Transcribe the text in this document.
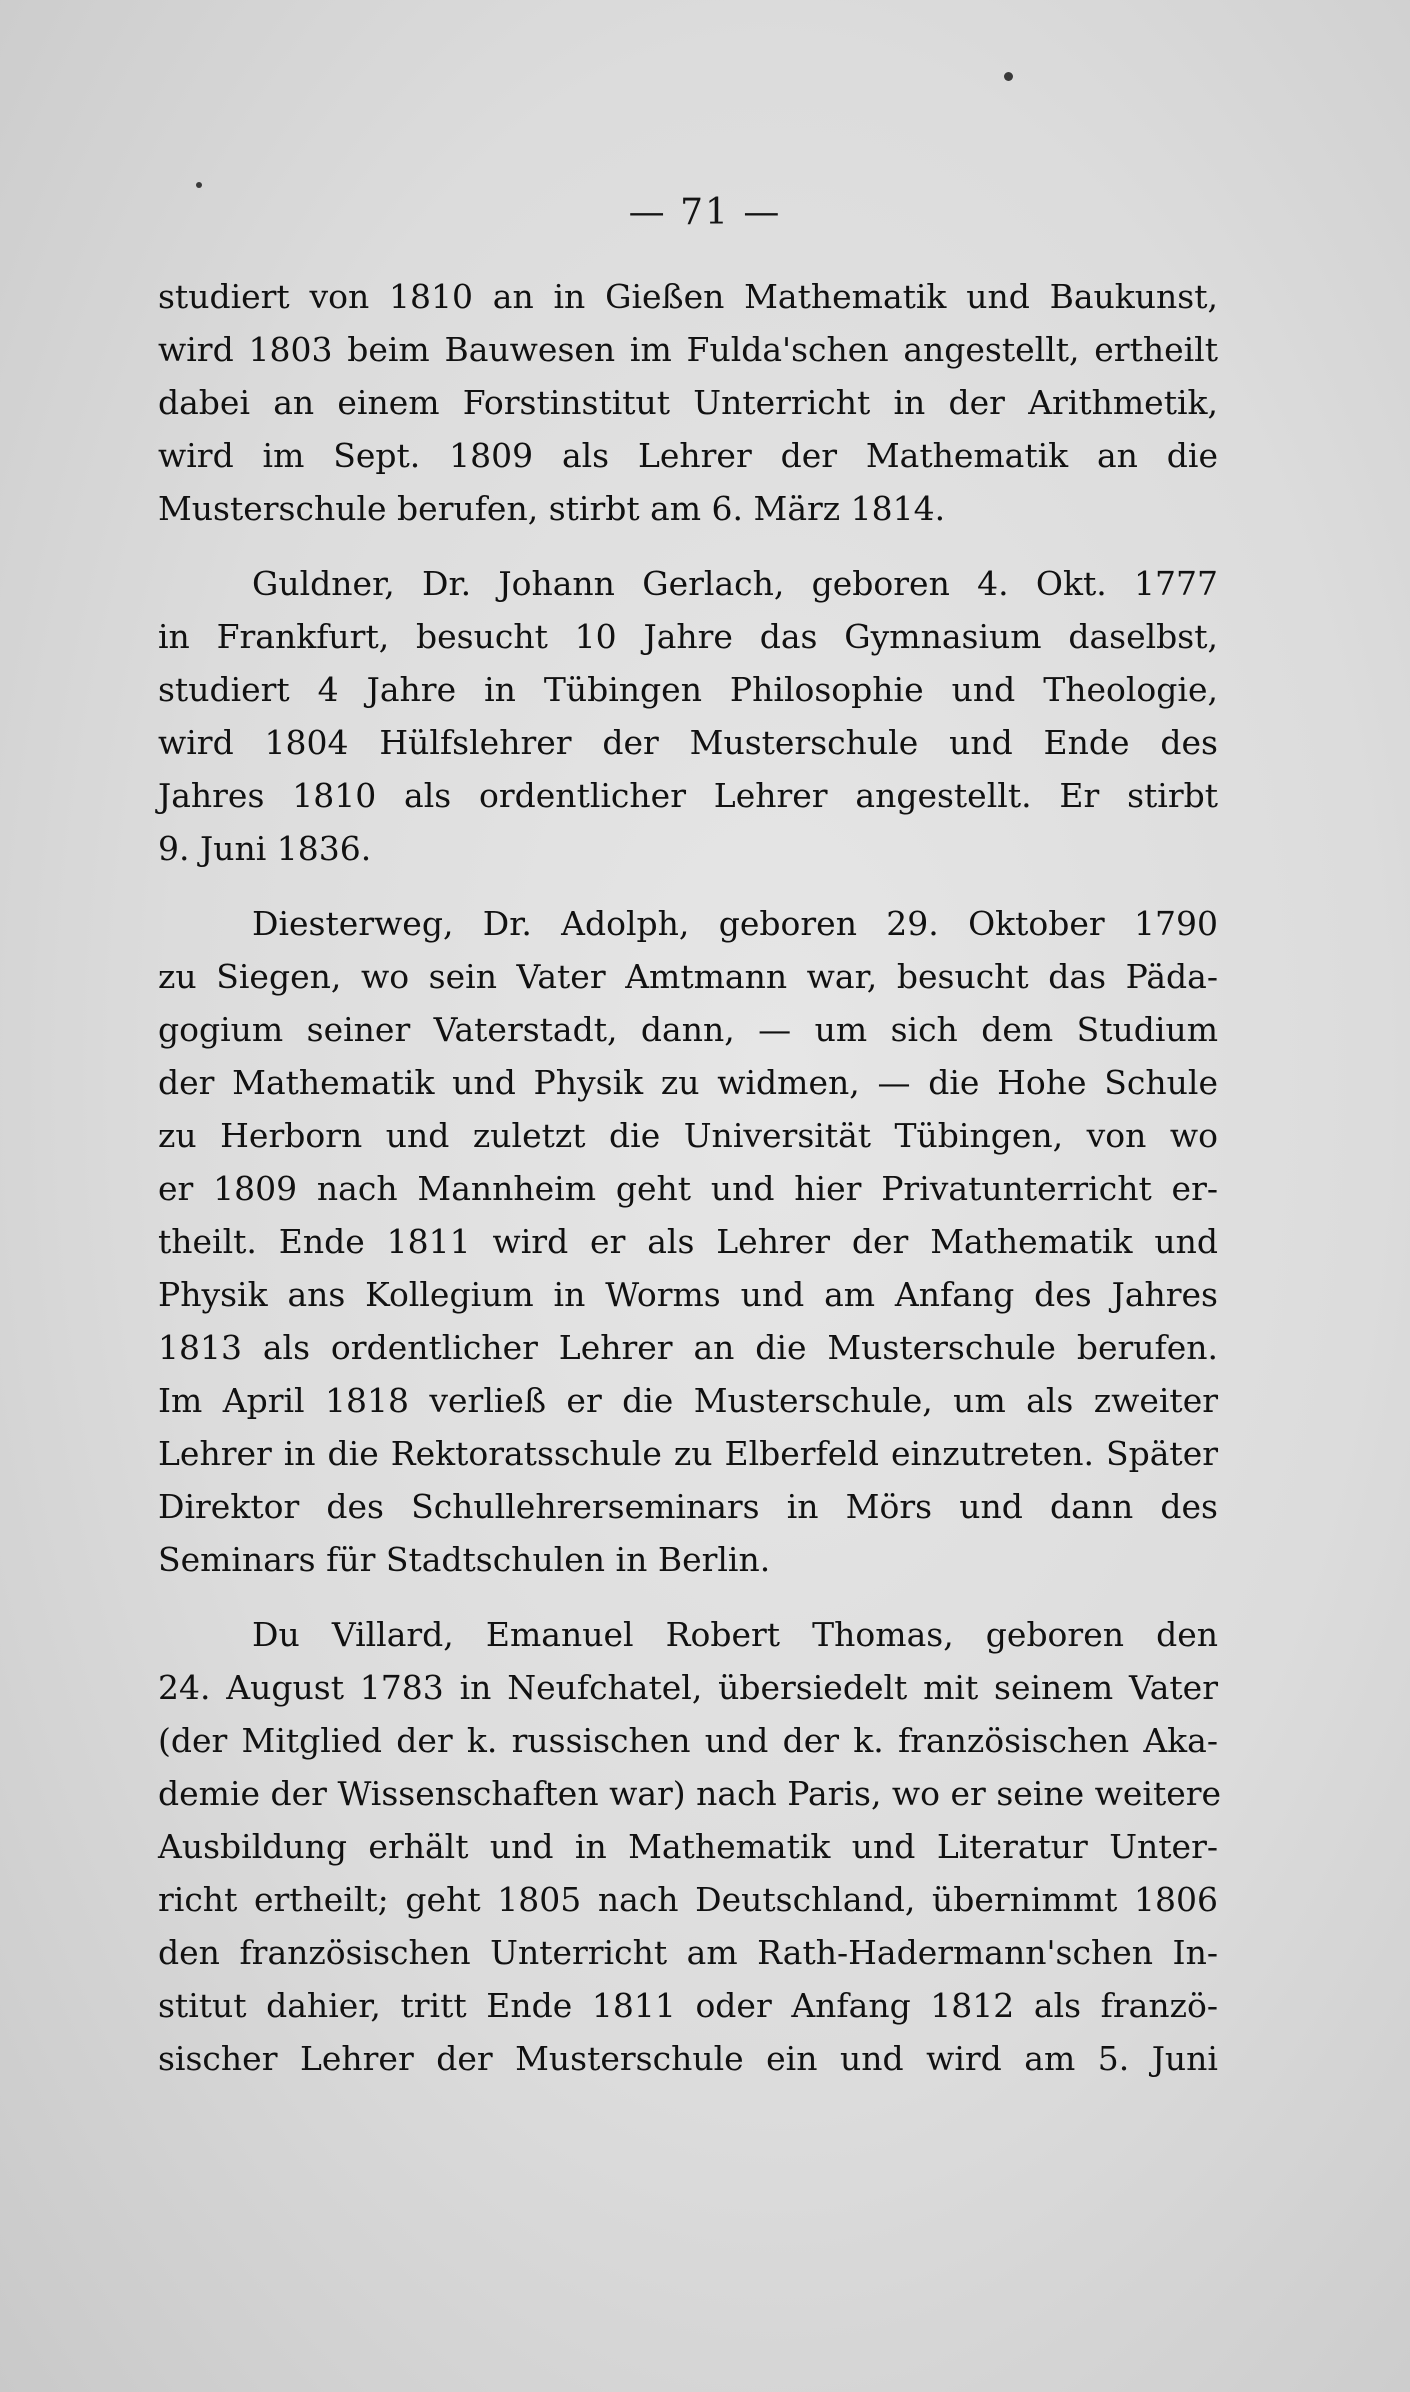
— 71 —
studiert von 1810 an in Gießen Mathematik und Baukunst,
wird 1803 beim Bauwesen im Fulda'schen angestellt, ertheilt
dabei an einem Forstinstitut Unterricht in der Arithmetik,
wird im Sept. 1809 als Lehrer der Mathematik an die
Musterschule berufen, stirbt am 6. März 1814.
Guldner, Dr. Johann Gerlach, geboren 4. Okt. 1777
in Frankfurt, besucht 10 Jahre das Gymnasium daselbst,
studiert 4 Jahre in Tübingen Philosophie und Theologie,
wird 1804 Hülfslehrer der Musterschule und Ende des
Jahres 1810 als ordentlicher Lehrer angestellt. Er stirbt
9. Juni 1836.
Diesterweg, Dr. Adolph, geboren 29. Oktober 1790
zu Siegen, wo sein Vater Amtmann war, besucht das Päda-
gogium seiner Vaterstadt, dann, — um sich dem Studium
der Mathematik und Physik zu widmen, — die Hohe Schule
zu Herborn und zuletzt die Universität Tübingen, von wo
er 1809 nach Mannheim geht und hier Privatunterricht er-
theilt. Ende 1811 wird er als Lehrer der Mathematik und
Physik ans Kollegium in Worms und am Anfang des Jahres
1813 als ordentlicher Lehrer an die Musterschule berufen.
Im April 1818 verließ er die Musterschule, um als zweiter
Lehrer in die Rektoratsschule zu Elberfeld einzutreten. Später
Direktor des Schullehrerseminars in Mörs und dann des
Seminars für Stadtschulen in Berlin.
Du Villard, Emanuel Robert Thomas, geboren den
24. August 1783 in Neufchatel, übersiedelt mit seinem Vater
(der Mitglied der k. russischen und der k. französischen Aka-
demie der Wissenschaften war) nach Paris, wo er seine weitere
Ausbildung erhält und in Mathematik und Literatur Unter-
richt ertheilt; geht 1805 nach Deutschland, übernimmt 1806
den französischen Unterricht am Rath-Hadermann'schen In-
stitut dahier, tritt Ende 1811 oder Anfang 1812 als franzö-
sischer Lehrer der Musterschule ein und wird am 5. Juni
